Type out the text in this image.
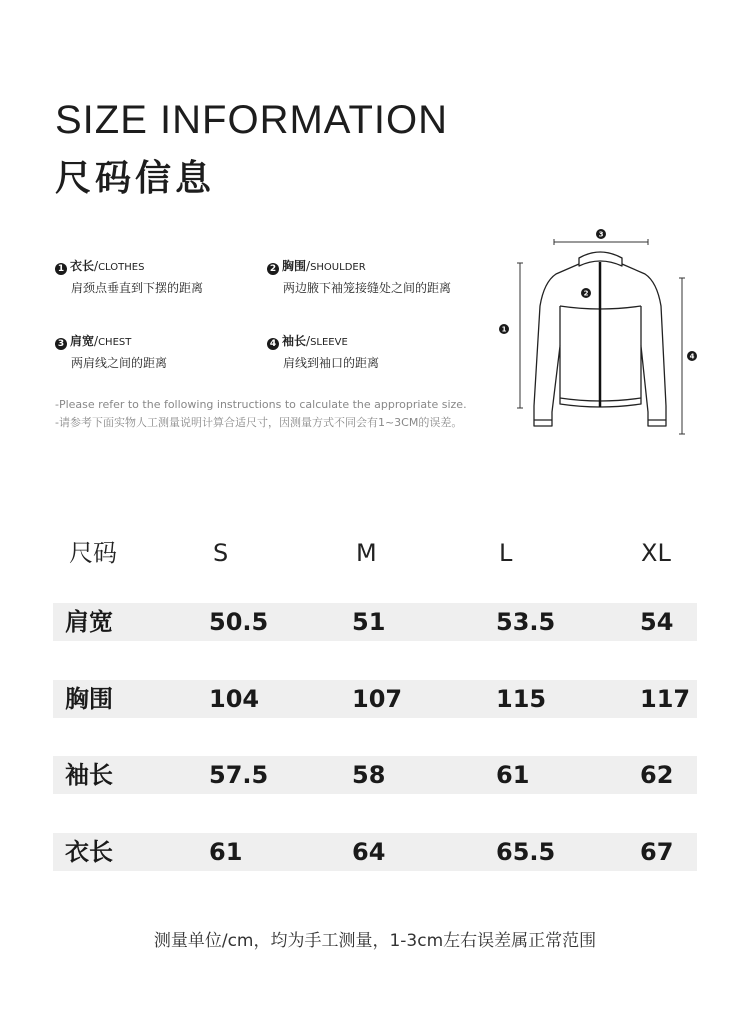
SIZE INFORMATION
尺码信息
1 衣长/CLOTHES
肩颈点垂直到下摆的距离
2 胸围/SHOULDER
两边腋下袖笼接缝处之间的距离
3 肩宽/CHEST
两肩线之间的距离
4 袖长/SLEEVE
肩线到袖口的距离
-Please refer to the following instructions to calculate the appropriate size.
-请参考下面实物人工测量说明计算合适尺寸，因测量方式不同会有1~3CM的误差。
3
2
1
4
尺码	S	M	L	XL
肩宽	50.5	51	53.5	54
胸围	104	107	115	117
袖长	57.5	58	61	62
衣长	61	64	65.5	67
测量单位/cm，均为手工测量，1-3cm左右误差属正常范围
